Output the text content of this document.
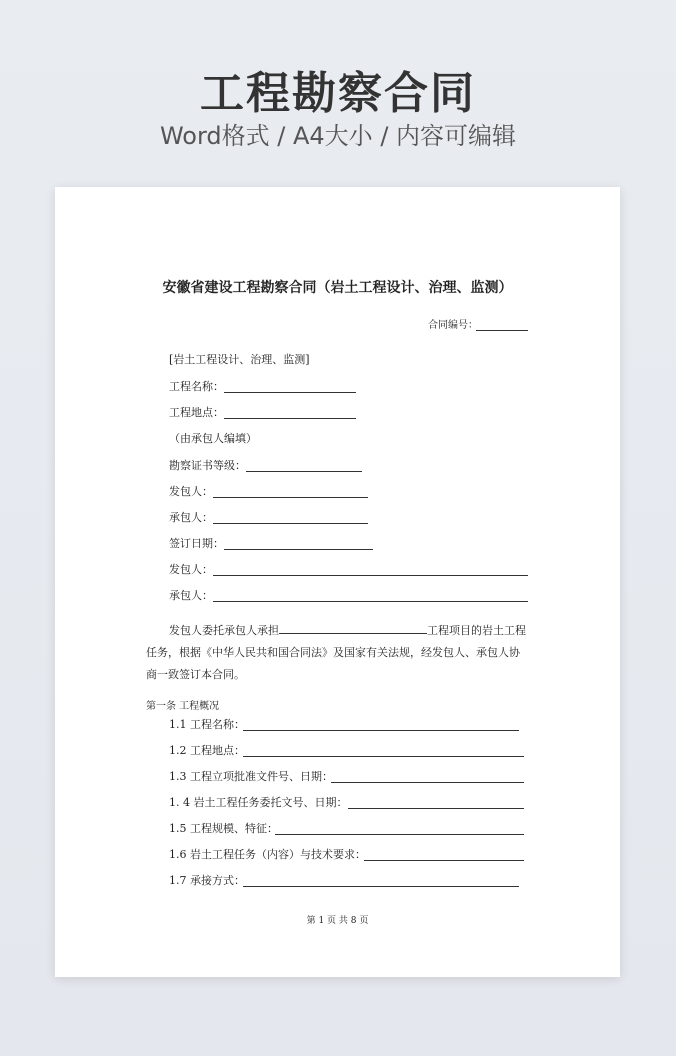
工程勘察合同
Word格式 / A4大小 / 内容可编辑
安徽省建设工程勘察合同（岩土工程设计、治理、监测）
合同编号：
[岩土工程设计、治理、监测]
工程名称：
工程地点：
（由承包人编填）
勘察证书等级：
发包人：
承包人：
签订日期：
发包人：
承包人：
发包人委托承包人承担	工程项目的岩土工程任务，根据《中华人民共和国合同法》及国家有关法规，经发包人、承包人协商一致签订本合同。
第一条 工程概况
1.1 工程名称：
1.2 工程地点：
1.3 工程立项批准文件号、日期：
1. 4 岩土工程任务委托文号、日期：
1.5 工程规模、特征：
1.6 岩土工程任务（内容）与技术要求：
1.7 承接方式：
第 1 页 共 8 页
